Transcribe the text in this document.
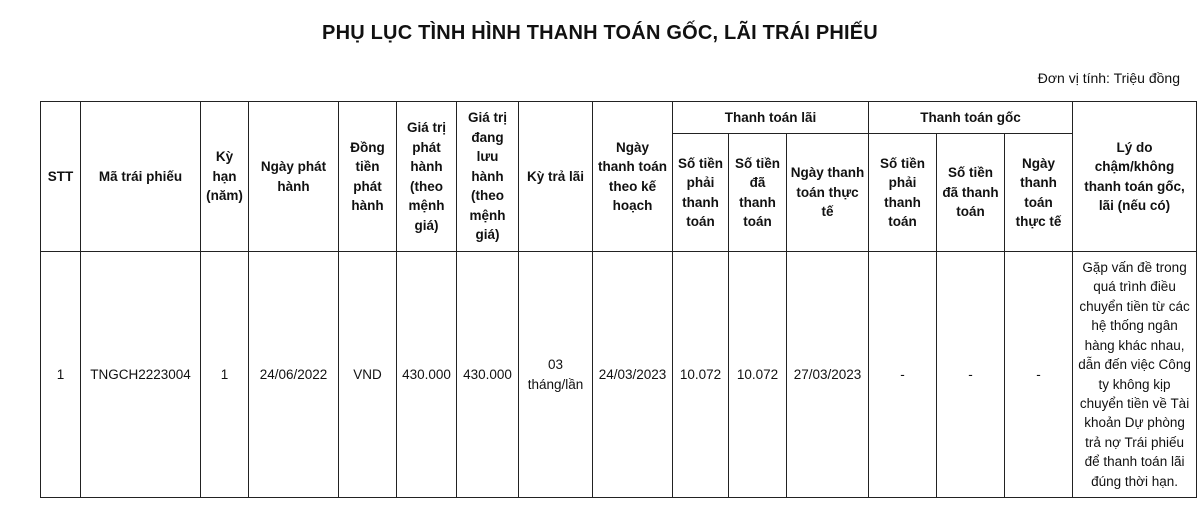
PHỤ LỤC TÌNH HÌNH THANH TOÁN GỐC, LÃI TRÁI PHIẾU
Đơn vị tính: Triệu đồng
STT	Mã trái phiếu	Kỳ hạn (năm)	Ngày phát hành	Đồng tiền phát hành	Giá trị phát hành (theo mệnh giá)	Giá trị đang lưu hành (theo mệnh giá)	Kỳ trả lãi	Ngày thanh toán theo kế hoạch	Thanh toán lãi			Thanh toán gốc			Lý do chậm/không thanh toán gốc, lãi (nếu có)
									Số tiền phải thanh toán	Số tiền đã thanh toán	Ngày thanh toán thực tế	Số tiền phải thanh toán	Số tiền đã thanh toán	Ngày thanh toán thực tế	
1	TNGCH2223004	1	24/06/2022	VND	430.000	430.000	03 tháng/lần	24/03/2023	10.072	10.072	27/03/2023	-	-	-	Gặp vấn đề trong quá trình điều chuyển tiền từ các hệ thống ngân hàng khác nhau, dẫn đến việc Công ty không kịp chuyển tiền về Tài khoản Dự phòng trả nợ Trái phiếu để thanh toán lãi đúng thời hạn.
